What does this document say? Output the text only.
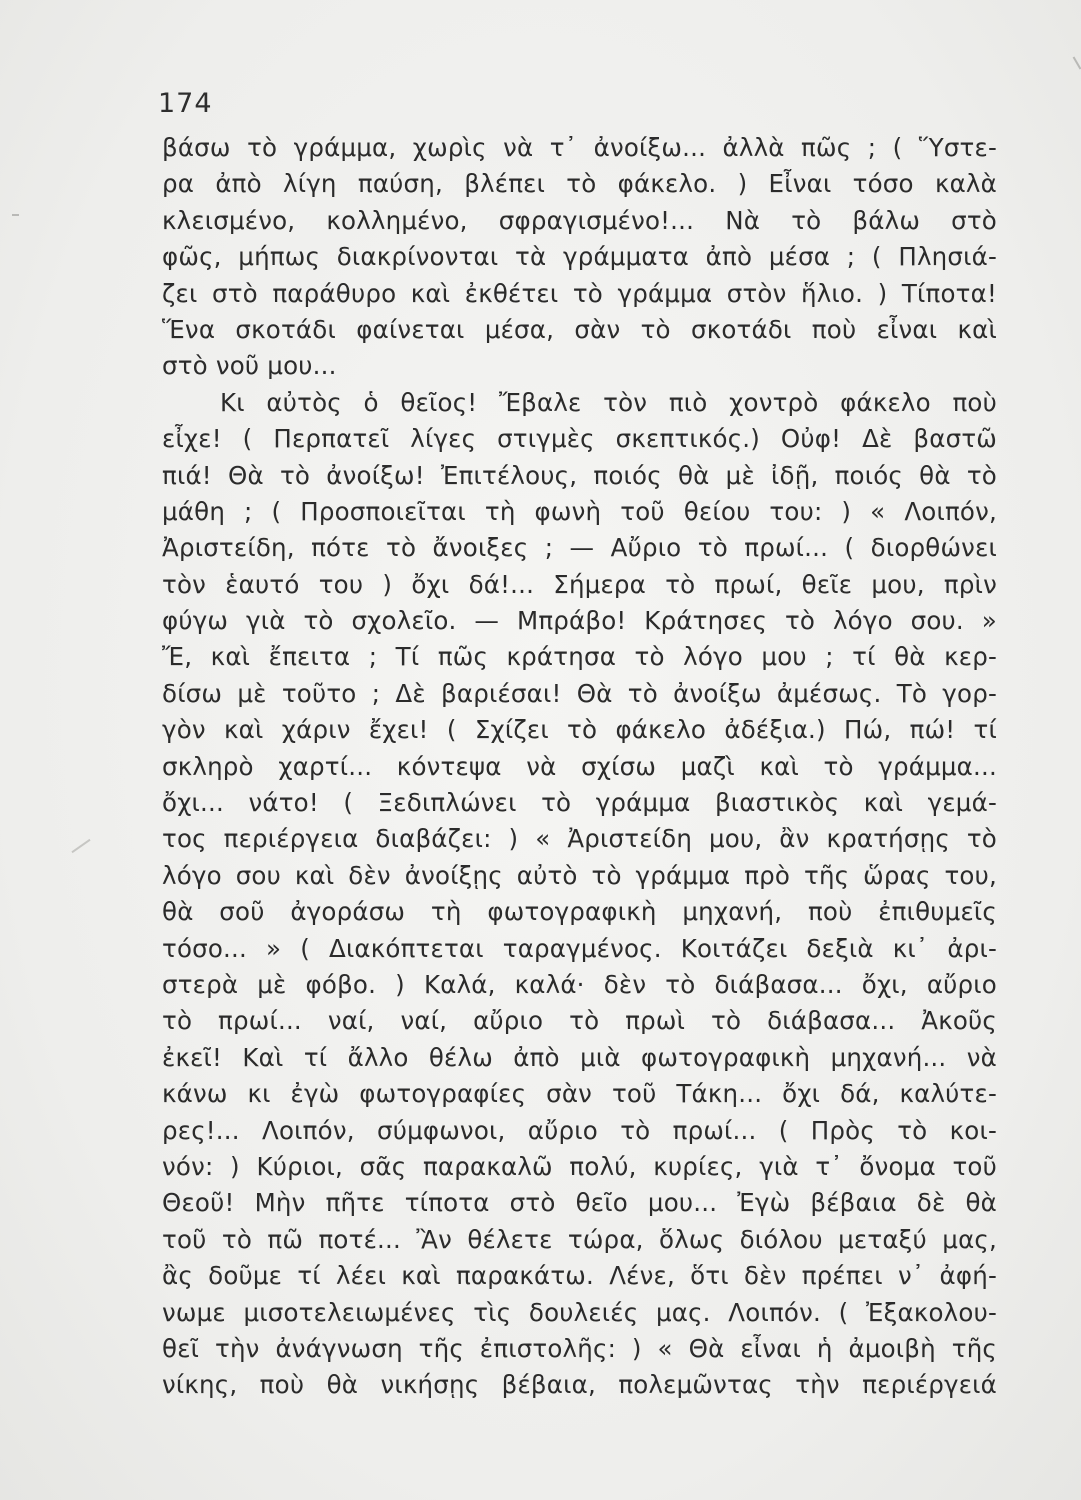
174
βάσω τὸ γράμμα, χωρὶς νὰ τ᾽ ἀνοίξω... ἀλλὰ πῶς ; ( Ὕστε-
ρα ἀπὸ λίγη παύση, βλέπει τὸ φάκελο. ) Εἶναι τόσο καλὰ
κλεισμένο, κολλημένο, σφραγισμένο!... Νὰ τὸ βάλω στὸ
φῶς, μήπως διακρίνονται τὰ γράμματα ἀπὸ μέσα ; ( Πλησιά-
ζει στὸ παράθυρο καὶ ἐκθέτει τὸ γράμμα στὸν ἥλιο. ) Τίποτα!
Ἕνα σκοτάδι φαίνεται μέσα, σὰν τὸ σκοτάδι ποὺ εἶναι καὶ
στὸ νοῦ μου...
Κι αὐτὸς ὁ θεῖος! Ἔβαλε τὸν πιὸ χοντρὸ φάκελο ποὺ
εἶχε! ( Περπατεῖ λίγες στιγμὲς σκεπτικός.) Οὐφ! Δὲ βαστῶ
πιά! Θὰ τὸ ἀνοίξω! Ἐπιτέλους, ποιός θὰ μὲ ἰδῇ, ποιός θὰ τὸ
μάθη ; ( Προσποιεῖται τὴ φωνὴ τοῦ θείου του: ) « Λοιπόν,
Ἀριστείδη, πότε τὸ ἄνοιξες ; — Αὔριο τὸ πρωί... ( διορθώνει
τὸν ἑαυτό του ) ὄχι δά!... Σήμερα τὸ πρωί, θεῖε μου, πρὶν
φύγω γιὰ τὸ σχολεῖο. — Μπράβο! Κράτησες τὸ λόγο σου. »
Ἔ, καὶ ἔπειτα ; Τί πῶς κράτησα τὸ λόγο μου ; τί θὰ κερ-
δίσω μὲ τοῦτο ; Δὲ βαριέσαι! Θὰ τὸ ἀνοίξω ἀμέσως. Τὸ γορ-
γὸν καὶ χάριν ἔχει! ( Σχίζει τὸ φάκελο ἀδέξια.) Πώ, πώ! τί
σκληρὸ χαρτί... κόντεψα νὰ σχίσω μαζὶ καὶ τὸ γράμμα...
ὄχι... νάτο! ( Ξεδιπλώνει τὸ γράμμα βιαστικὸς καὶ γεμά-
τος περιέργεια διαβάζει: ) « Ἀριστείδη μου, ἂν κρατήσῃς τὸ
λόγο σου καὶ δὲν ἀνοίξῃς αὐτὸ τὸ γράμμα πρὸ τῆς ὥρας του,
θὰ σοῦ ἀγοράσω τὴ φωτογραφικὴ μηχανή, ποὺ ἐπιθυμεῖς
τόσο... » ( Διακόπτεται ταραγμένος. Κοιτάζει δεξιὰ κι᾽ ἀρι-
στερὰ μὲ φόβο. ) Καλά, καλά· δὲν τὸ διάβασα... ὄχι, αὔριο
τὸ πρωί... ναί, ναί, αὔριο τὸ πρωὶ τὸ διάβασα... Ἀκοῦς
ἐκεῖ! Καὶ τί ἄλλο θέλω ἀπὸ μιὰ φωτογραφικὴ μηχανή... νὰ
κάνω κι ἐγὼ φωτογραφίες σὰν τοῦ Τάκη... ὄχι δά, καλύτε-
ρες!... Λοιπόν, σύμφωνοι, αὔριο τὸ πρωί... ( Πρὸς τὸ κοι-
νόν: ) Κύριοι, σᾶς παρακαλῶ πολύ, κυρίες, γιὰ τ᾽ ὄνομα τοῦ
Θεοῦ! Μὴν πῆτε τίποτα στὸ θεῖο μου... Ἐγὼ βέβαια δὲ θὰ
τοῦ τὸ πῶ ποτέ... Ἂν θέλετε τώρα, ὅλως διόλου μεταξύ μας,
ἂς δοῦμε τί λέει καὶ παρακάτω. Λένε, ὅτι δὲν πρέπει ν᾽ ἀφή-
νωμε μισοτελειωμένες τὶς δουλειές μας. Λοιπόν. ( Ἐξακολου-
θεῖ τὴν ἀνάγνωση τῆς ἐπιστολῆς: ) « Θὰ εἶναι ἡ ἀμοιβὴ τῆς
νίκης, ποὺ θὰ νικήσῃς βέβαια, πολεμῶντας τὴν περιέργειά
